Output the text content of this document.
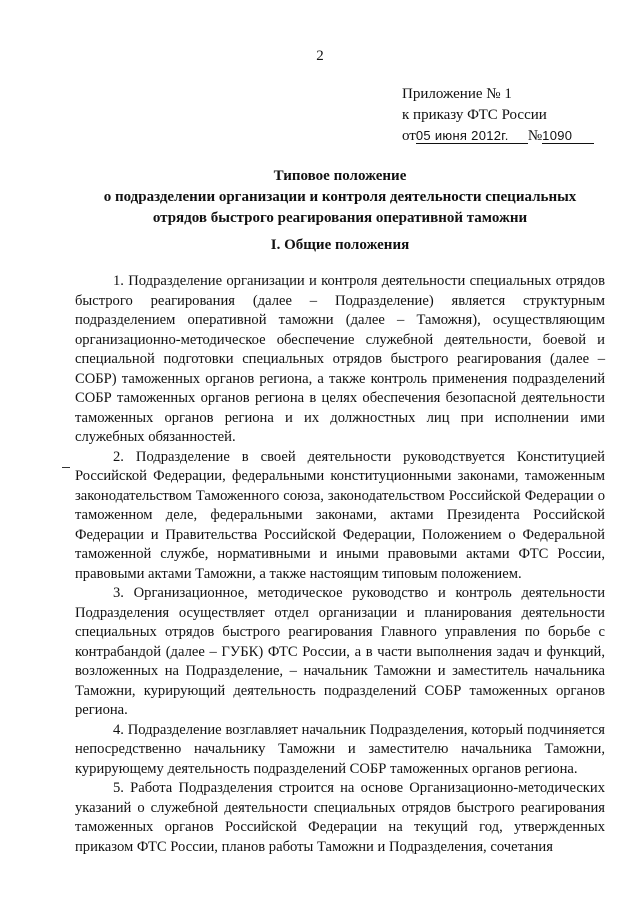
2
Приложение № 1
к приказу ФТС России
от05 июня 2012г. №1090
Типовое положение
о подразделении организации и контроля деятельности специальных
отрядов быстрого реагирования оперативной таможни
I. Общие положения

1. Подразделение организации и контроля деятельности специальных отрядов быстрого реагирования (далее – Подразделение) является структурным подразделением оперативной таможни (далее – Таможня), осуществляющим организационно-методическое обеспечение служебной деятельности, боевой и специальной подготовки специальных отрядов быстрого реагирования (далее – СОБР) таможенных органов региона, а также контроль применения подразделений СОБР таможенных органов региона в целях обеспечения безопасной деятельности таможенных органов региона и их должностных лиц при исполнении ими служебных обязанностей.

2. Подразделение в своей деятельности руководствуется Конституцией Российской Федерации, федеральными конституционными законами, таможенным законодательством Таможенного союза, законодательством Российской Федерации о таможенном деле, федеральными законами, актами Президента Российской Федерации и Правительства Российской Федерации, Положением о Федеральной таможенной службе, нормативными и иными правовыми актами ФТС России, правовыми актами Таможни, а также настоящим типовым положением.

3. Организационное, методическое руководство и контроль деятельности Подразделения осуществляет отдел организации и планирования деятельности специальных отрядов быстрого реагирования Главного управления по борьбе с контрабандой (далее – ГУБК) ФТС России, а в части выполнения задач и функций, возложенных на Подразделение, – начальник Таможни и заместитель начальника Таможни, курирующий деятельность подразделений СОБР таможенных органов региона.

4. Подразделение возглавляет начальник Подразделения, который подчиняется непосредственно начальнику Таможни и заместителю начальника Таможни, курирующему деятельность подразделений СОБР таможенных органов региона.

5. Работа Подразделения строится на основе Организационно-методических указаний о служебной деятельности специальных отрядов быстрого реагирования таможенных органов Российской Федерации на текущий год, утвержденных приказом ФТС России, планов работы Таможни и Подразделения, сочетания
